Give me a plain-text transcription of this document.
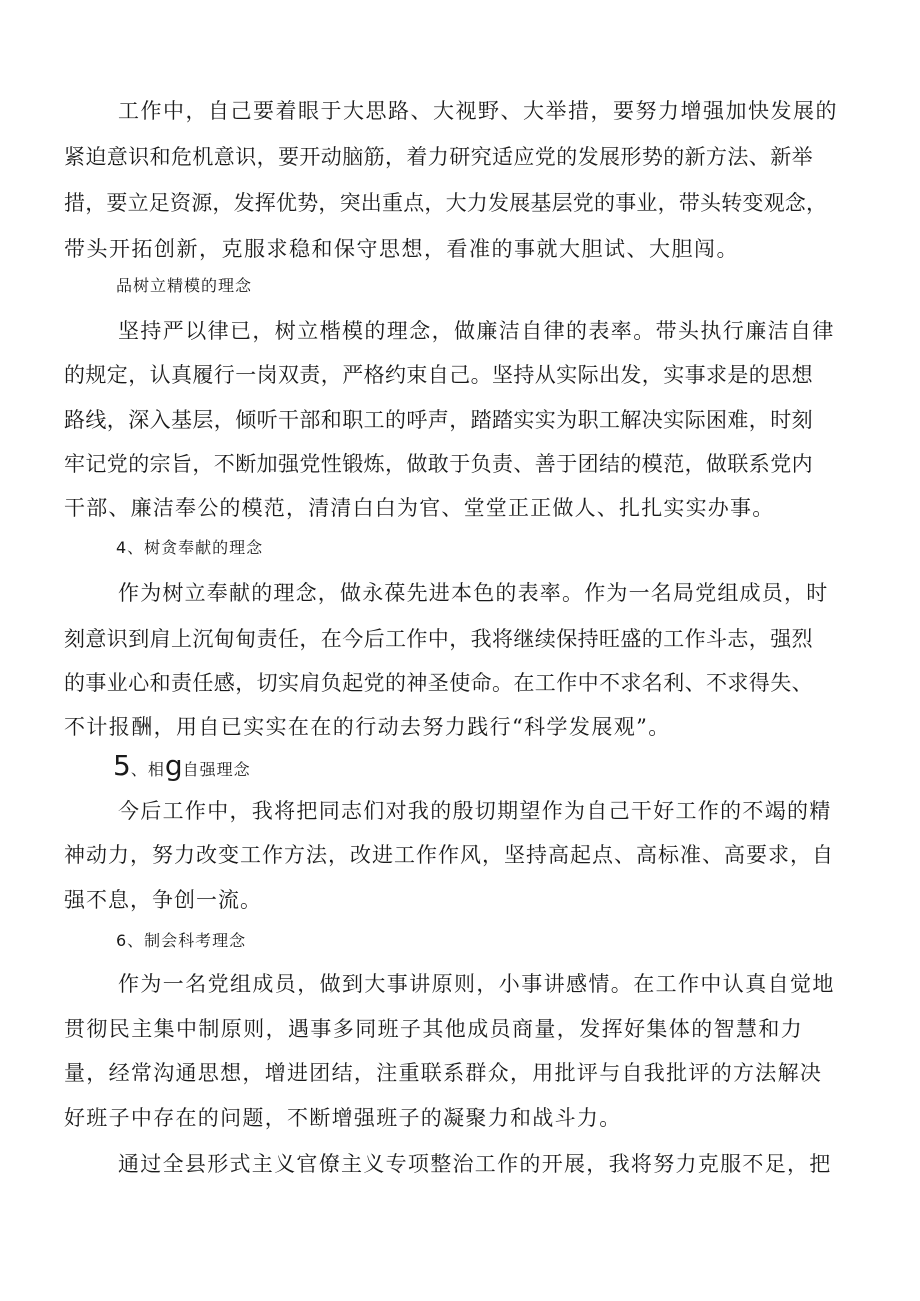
工作中，自己要着眼于大思路、大视野、大举措，要努力增强加快发展的
紧迫意识和危机意识，要开动脑筋，着力研究适应党的发展形势的新方法、新举
措，要立足资源，发挥优势，突出重点，大力发展基层党的事业，带头转变观念，
带头开拓创新，克服求稳和保守思想，看准的事就大胆试、大胆闯。
品树立精模的理念
坚持严以律已，树立楷模的理念，做廉洁自律的表率。带头执行廉洁自律
的规定，认真履行一岗双责，严格约束自己。坚持从实际出发，实事求是的思想
路线，深入基层，倾听干部和职工的呼声，踏踏实实为职工解决实际困难，时刻
牢记党的宗旨，不断加强党性锻炼，做敢于负责、善于团结的模范，做联系党内
干部、廉洁奉公的模范，清清白白为官、堂堂正正做人、扎扎实实办事。
4、树贪奉献的理念
作为树立奉献的理念，做永葆先进本色的表率。作为一名局党组成员，时
刻意识到肩上沉甸甸责任，在今后工作中，我将继续保持旺盛的工作斗志，强烈
的事业心和责任感，切实肩负起党的神圣使命。在工作中不求名利、不求得失、
不计报酬，用自已实实在在的行动去努力践行“科学发展观”。
5、相g自强理念
今后工作中，我将把同志们对我的殷切期望作为自己干好工作的不竭的精
神动力，努力改变工作方法，改进工作作风，坚持高起点、高标准、高要求，自
强不息，争创一流。
6、制会科考理念
作为一名党组成员，做到大事讲原则，小事讲感情。在工作中认真自觉地
贯彻民主集中制原则，遇事多同班子其他成员商量，发挥好集体的智慧和力
量，经常沟通思想，增进团结，注重联系群众，用批评与自我批评的方法解决
好班子中存在的问题，不断增强班子的凝聚力和战斗力。
通过全县形式主义官僚主义专项整治工作的开展，我将努力克服不足，把
